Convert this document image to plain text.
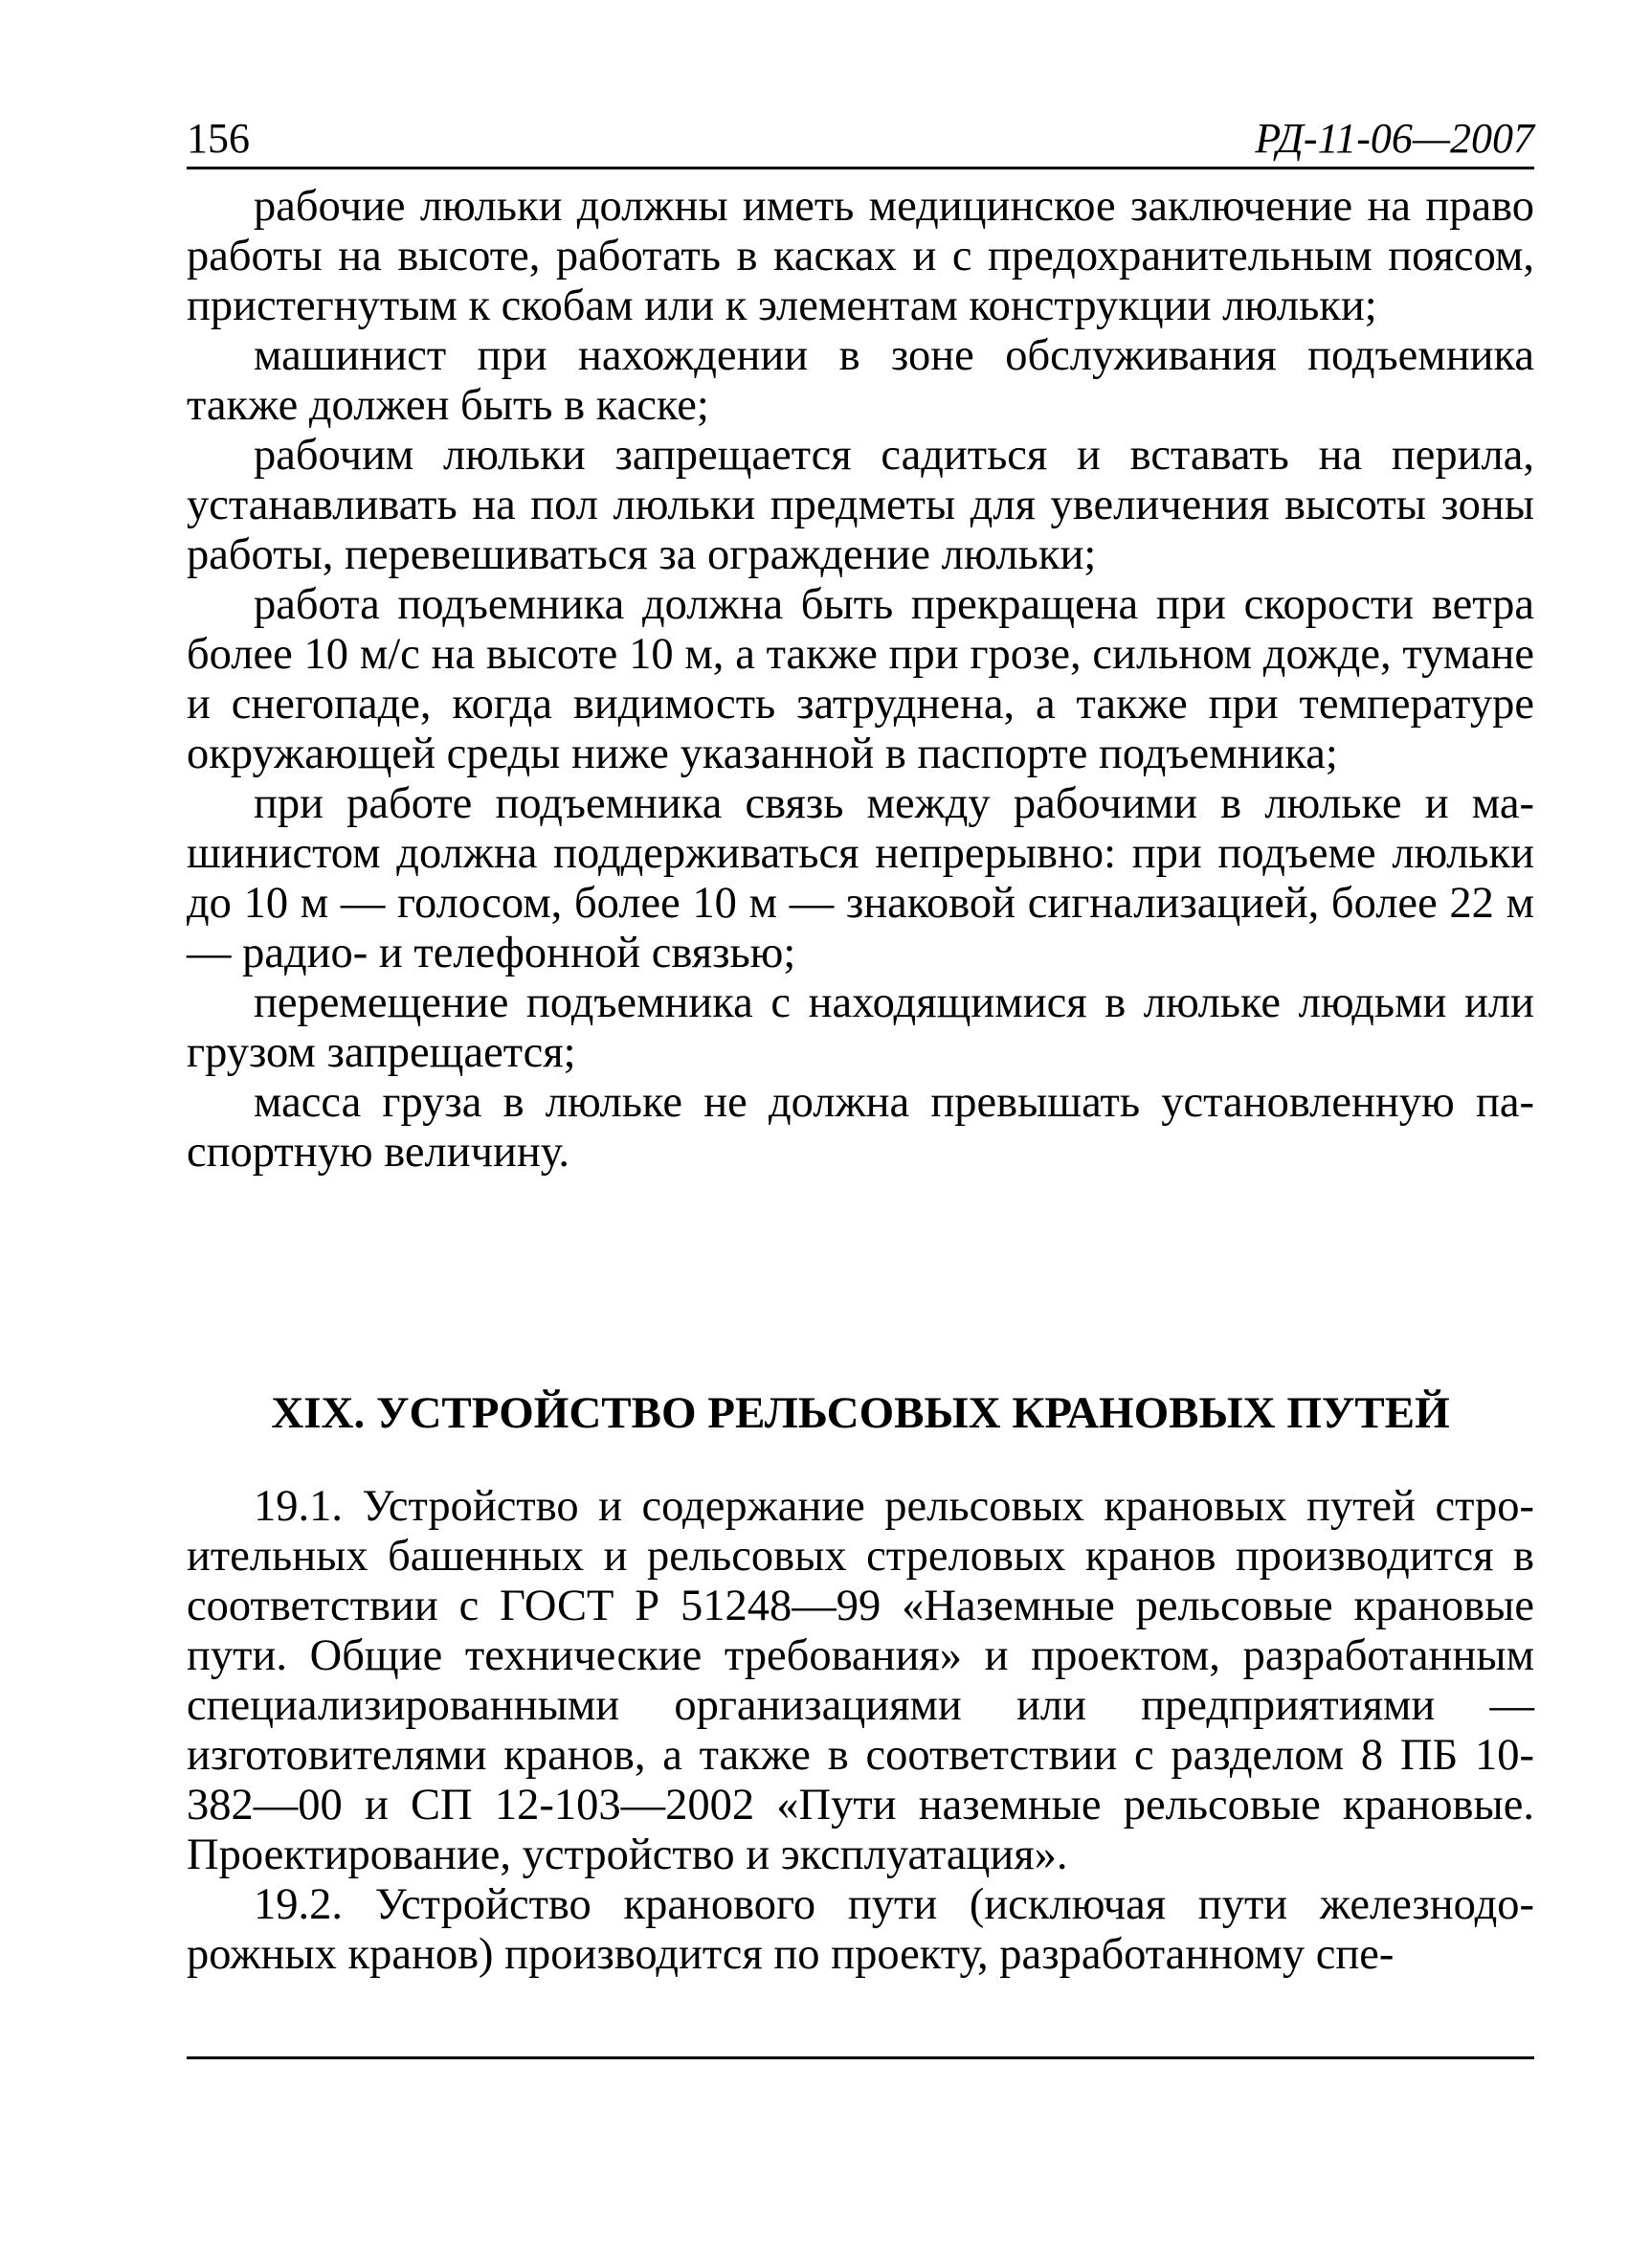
156	РД-11-06—2007

рабочие люльки должны иметь медицинское заключение на право работы на высоте, работать в касках и с предохранительным поясом, пристегнутым к скобам или к элементам конструкции люльки;

машинист при нахождении в зоне обслуживания подъемника также должен быть в каске;

рабочим люльки запрещается садиться и вставать на перила, устанавливать на пол люльки предметы для увеличения высоты зоны работы, перевешиваться за ограждение люльки;

работа подъемника должна быть прекращена при скорости ветра более 10 м/с на высоте 10 м, а также при грозе, сильном дожде, тумане и снегопаде, когда видимость затруднена, а также при температуре окружающей среды ниже указанной в паспорте подъемника;

при работе подъемника связь между рабочими в люльке и машинистом должна поддерживаться непрерывно: при подъеме люльки до 10 м — голосом, более 10 м — знаковой сигнализацией, более 22 м — радио- и телефонной связью;

перемещение подъемника с находящимися в люльке людьми или грузом запрещается;

масса груза в люльке не должна превышать установленную паспортную величину.

XIX. УСТРОЙСТВО РЕЛЬСОВЫХ КРАНОВЫХ ПУТЕЙ

19.1. Устройство и содержание рельсовых крановых путей строительных башенных и рельсовых стреловых кранов производится в соответствии с ГОСТ Р 51248—99 «Наземные рельсовые крановые пути. Общие технические требования» и проектом, разработанным специализированными организациями или предприятиями — изготовителями кранов, а также в соответствии с разделом 8 ПБ 10-382—00 и СП 12-103—2002 «Пути наземные рельсовые крановые. Проектирование, устройство и эксплуатация».

19.2. Устройство кранового пути (исключая пути железнодорожных кранов) производится по проекту, разработанному спе-
